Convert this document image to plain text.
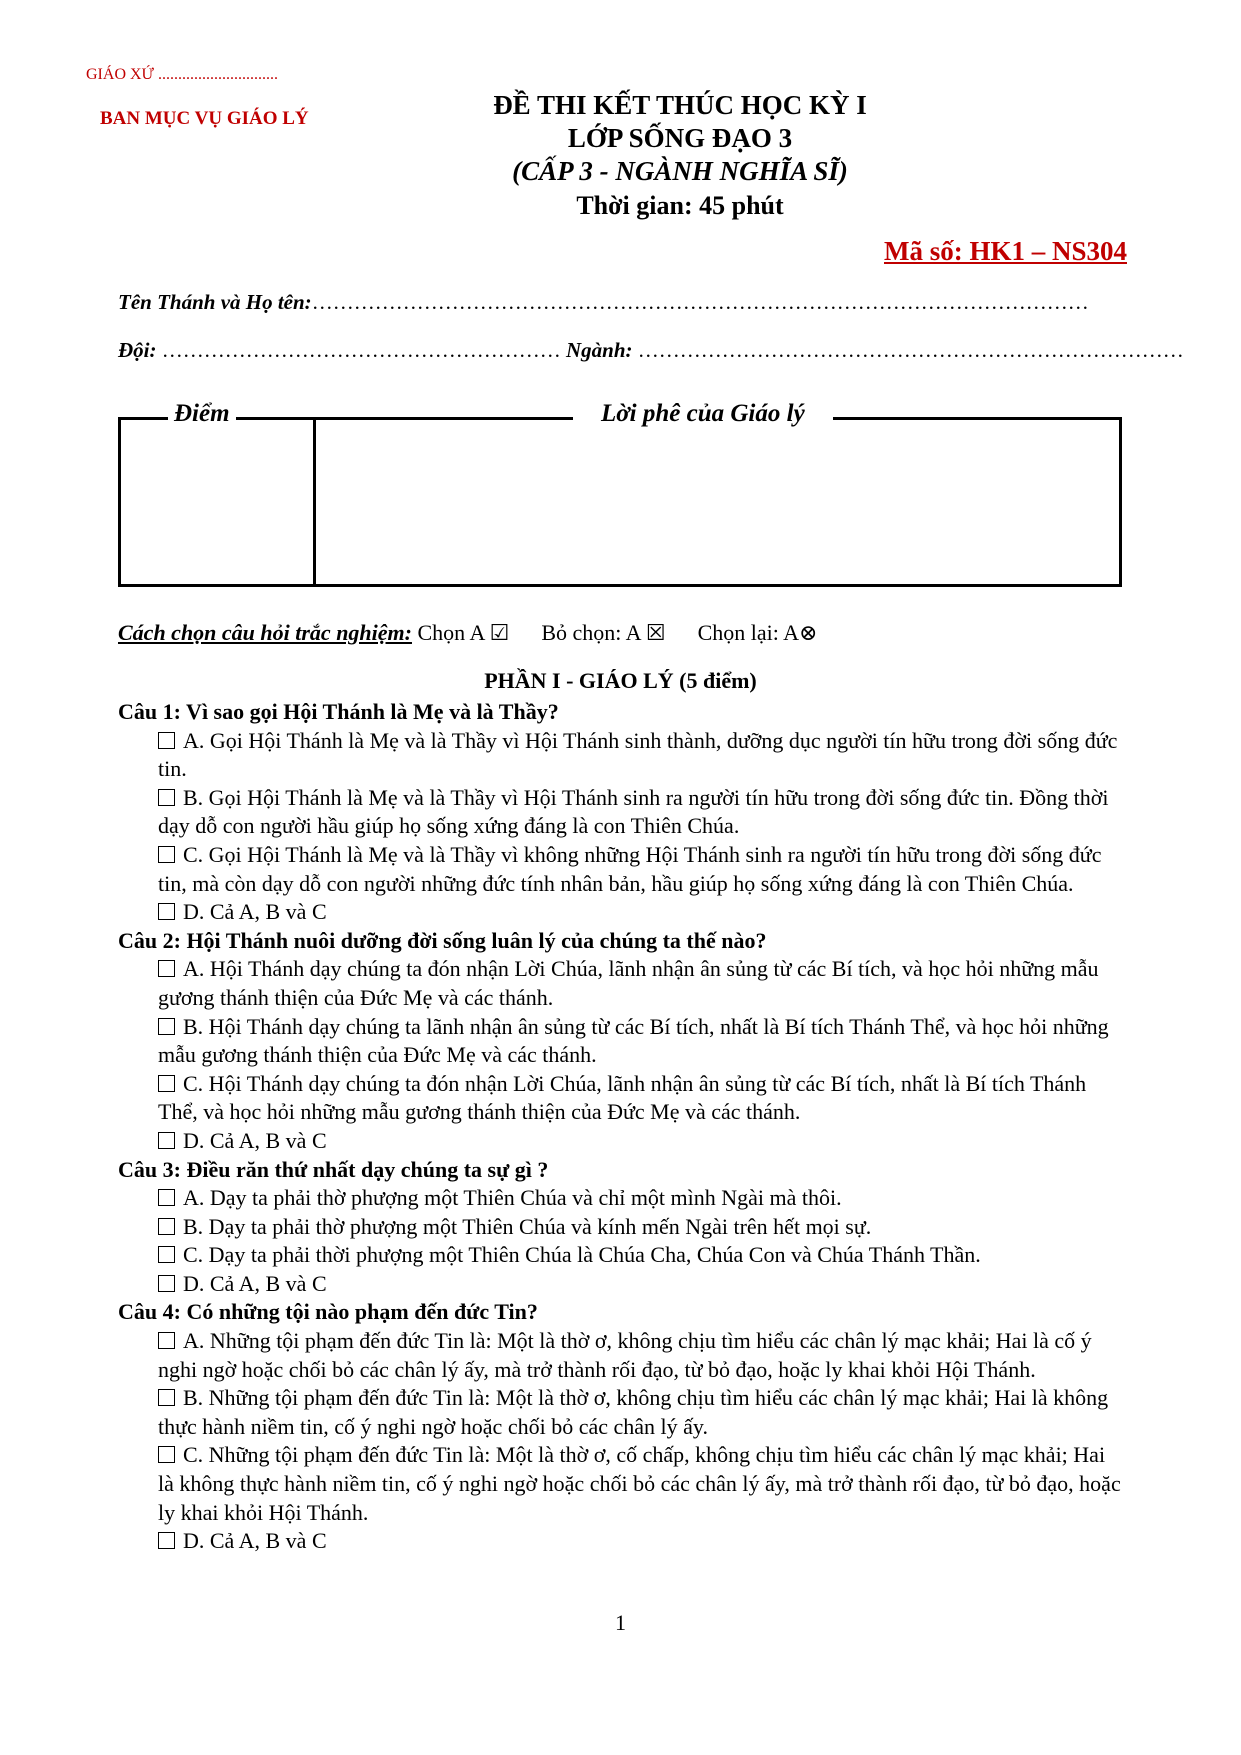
GIÁO XỨ ..............................
BAN MỤC VỤ GIÁO LÝ	ĐỀ THI KẾT THÚC HỌC KỲ I
LỚP SỐNG ĐẠO 3
(CẤP 3 - NGÀNH NGHĨA SĨ)
Thời gian: 45 phút
Mã số: HK1 – NS304
Tên Thánh và Họ tên:…………………………………………………………………………………………………
Đội: ………………………………………………… Ngành: ……………………………………………………………………
Điểm	Lời phê của Giáo lý
Cách chọn câu hỏi trắc nghiệm: Chọn A ☑ Bỏ chọn: A ☒ Chọn lại: A⊗
PHẦN I - GIÁO LÝ (5 điểm)

Câu 1: Vì sao gọi Hội Thánh là Mẹ và là Thầy?

A. Gọi Hội Thánh là Mẹ và là Thầy vì Hội Thánh sinh thành, dưỡng dục người tín hữu trong đời sống đức tin.

B. Gọi Hội Thánh là Mẹ và là Thầy vì Hội Thánh sinh ra người tín hữu trong đời sống đức tin. Đồng thời dạy dỗ con người hầu giúp họ sống xứng đáng là con Thiên Chúa.

C. Gọi Hội Thánh là Mẹ và là Thầy vì không những Hội Thánh sinh ra người tín hữu trong đời sống đức tin, mà còn dạy dỗ con người những đức tính nhân bản, hầu giúp họ sống xứng đáng là con Thiên Chúa.

D. Cả A, B và C

Câu 2: Hội Thánh nuôi dưỡng đời sống luân lý của chúng ta thế nào?

A. Hội Thánh dạy chúng ta đón nhận Lời Chúa, lãnh nhận ân sủng từ các Bí tích, và học hỏi những mẫu gương thánh thiện của Đức Mẹ và các thánh.

B. Hội Thánh dạy chúng ta lãnh nhận ân sủng từ các Bí tích, nhất là Bí tích Thánh Thể, và học hỏi những mẫu gương thánh thiện của Đức Mẹ và các thánh.

C. Hội Thánh dạy chúng ta đón nhận Lời Chúa, lãnh nhận ân sủng từ các Bí tích, nhất là Bí tích Thánh Thể, và học hỏi những mẫu gương thánh thiện của Đức Mẹ và các thánh.

D. Cả A, B và C

Câu 3: Điều răn thứ nhất dạy chúng ta sự gì ?

A. Dạy ta phải thờ phượng một Thiên Chúa và chỉ một mình Ngài mà thôi.

B. Dạy ta phải thờ phượng một Thiên Chúa và kính mến Ngài trên hết mọi sự.

C. Dạy ta phải thời phượng một Thiên Chúa là Chúa Cha, Chúa Con và Chúa Thánh Thần.

D. Cả A, B và C

Câu 4: Có những tội nào phạm đến đức Tin?

A. Những tội phạm đến đức Tin là: Một là thờ ơ, không chịu tìm hiểu các chân lý mạc khải; Hai là cố ý nghi ngờ hoặc chối bỏ các chân lý ấy, mà trở thành rối đạo, từ bỏ đạo, hoặc ly khai khỏi Hội Thánh.

B. Những tội phạm đến đức Tin là: Một là thờ ơ, không chịu tìm hiểu các chân lý mạc khải; Hai là không thực hành niềm tin, cố ý nghi ngờ hoặc chối bỏ các chân lý ấy.

C. Những tội phạm đến đức Tin là: Một là thờ ơ, cố chấp, không chịu tìm hiểu các chân lý mạc khải; Hai là không thực hành niềm tin, cố ý nghi ngờ hoặc chối bỏ các chân lý ấy, mà trở thành rối đạo, từ bỏ đạo, hoặc ly khai khỏi Hội Thánh.

D. Cả A, B và C

1
